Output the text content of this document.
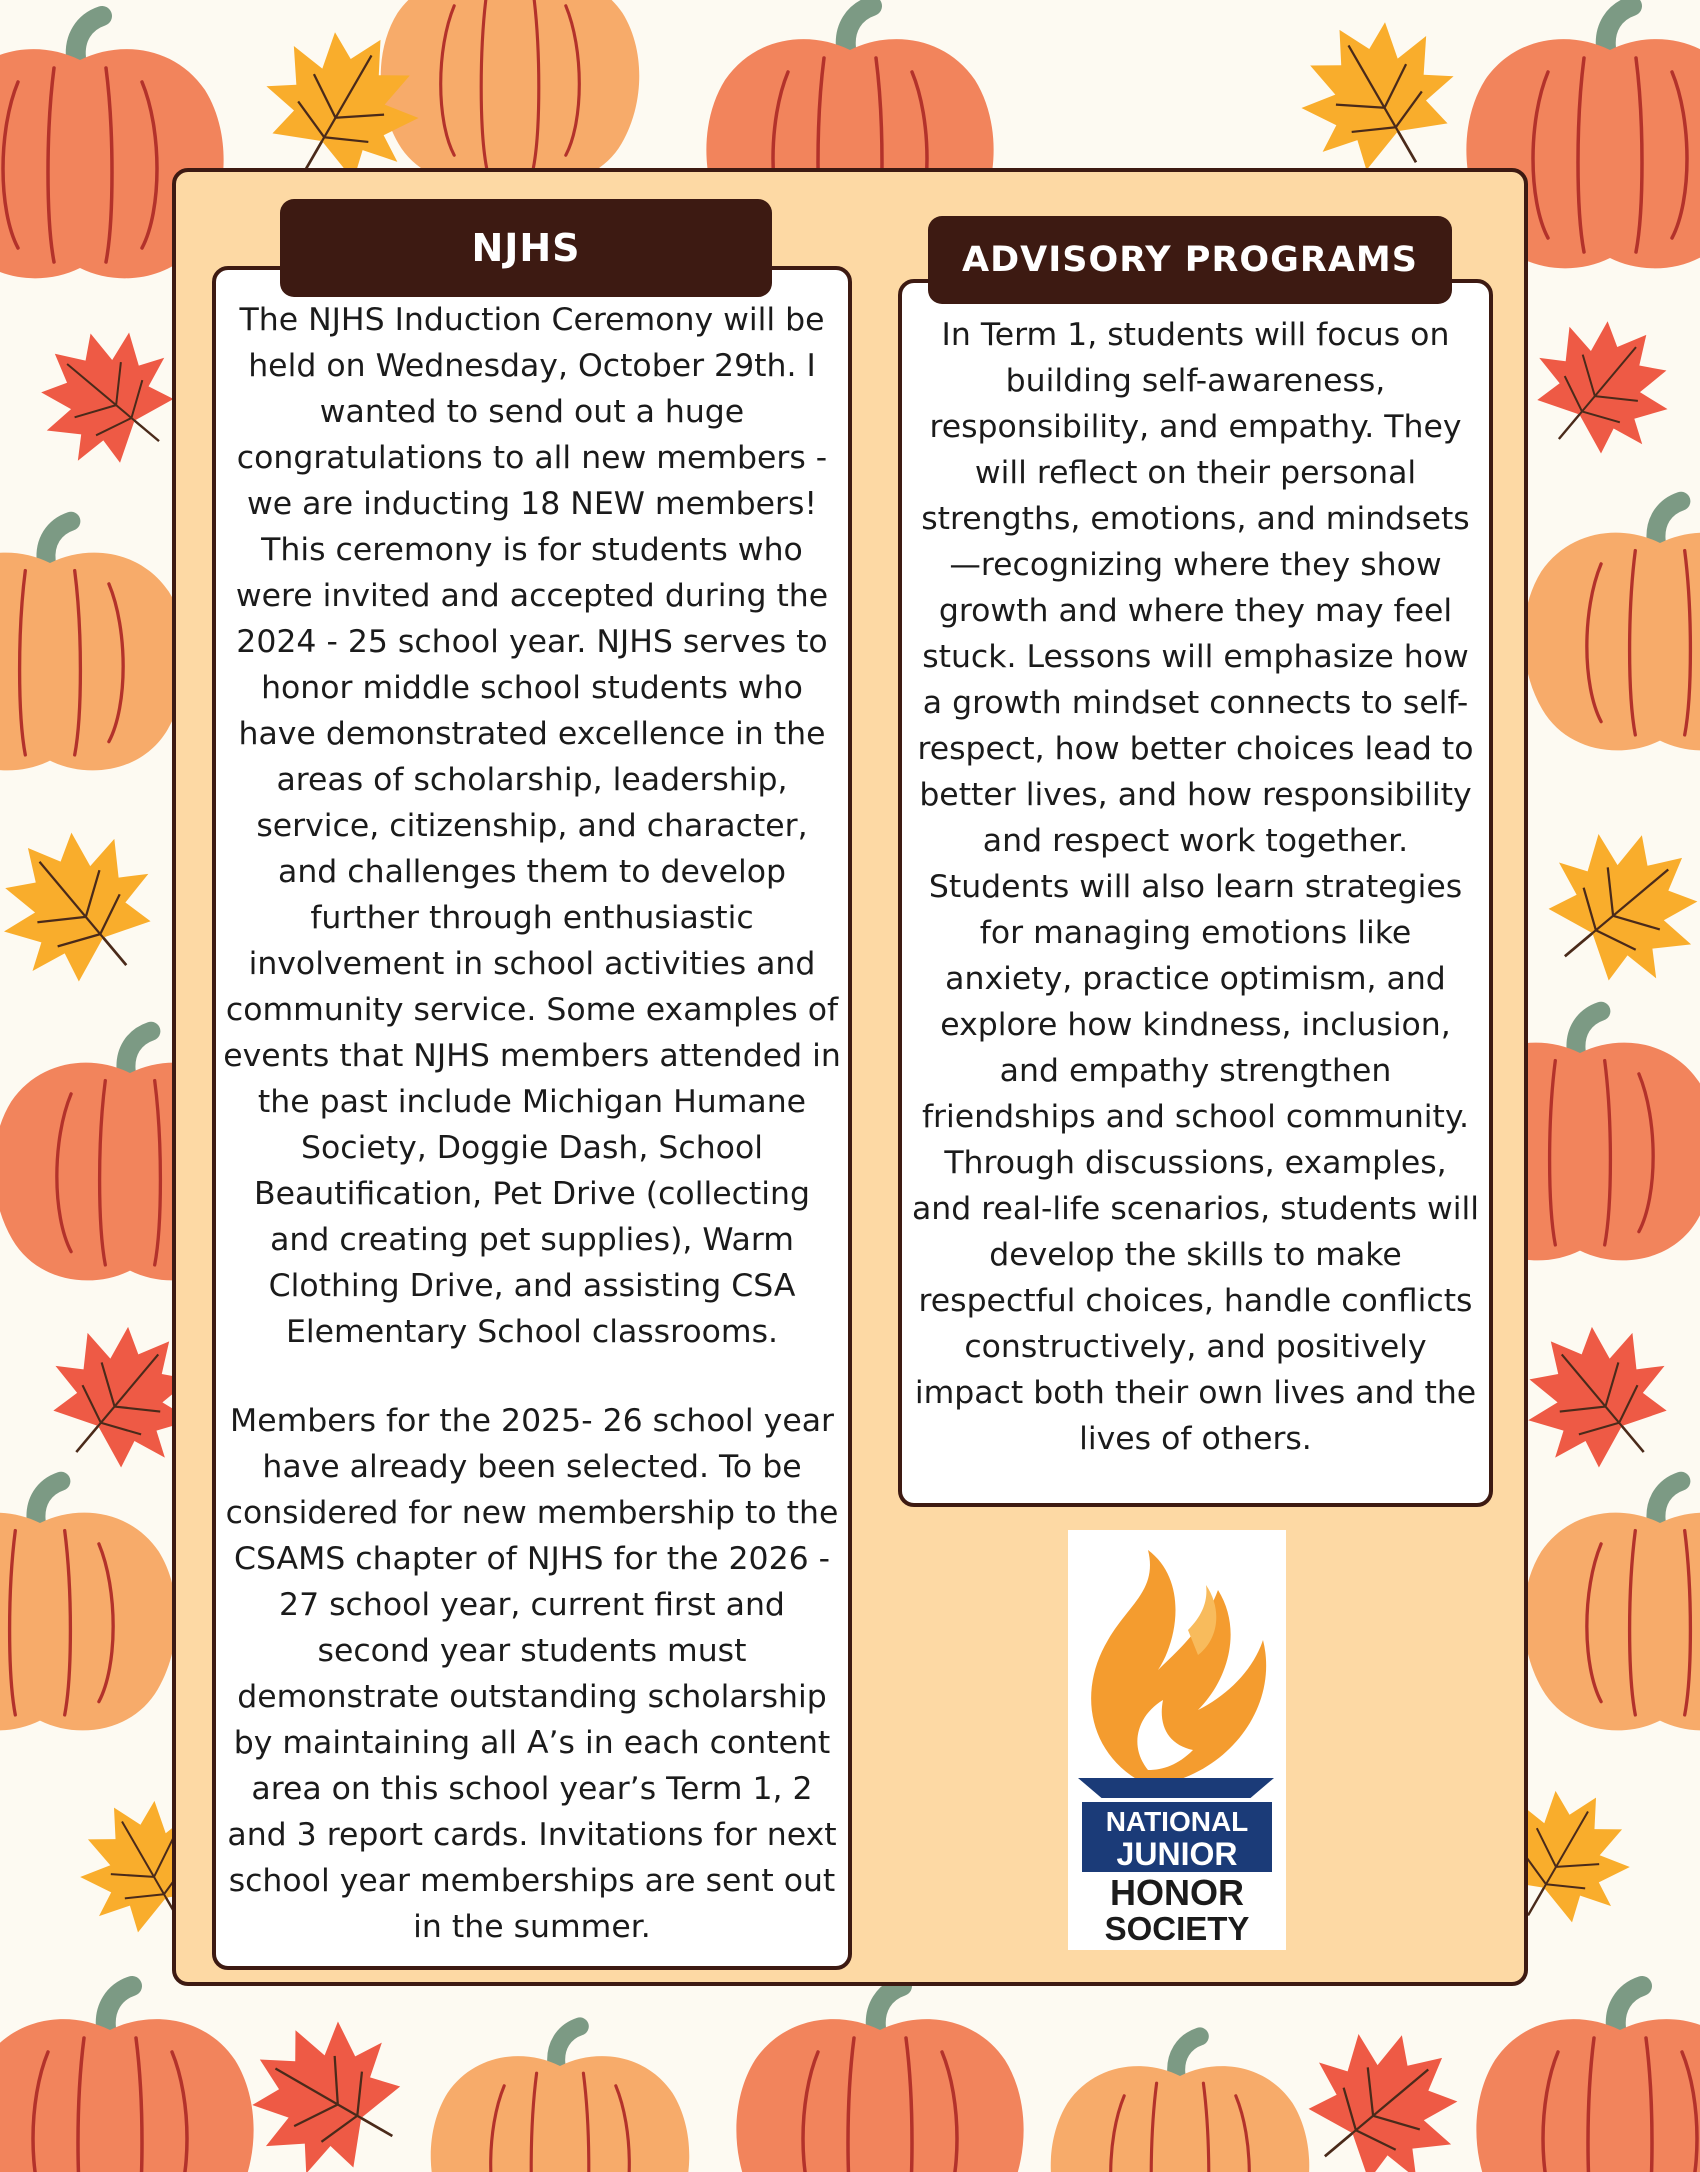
NJHS

The NJHS Induction Ceremony will be held on Wednesday, October 29th. I wanted to send out a huge congratulations to all new members - we are inducting 18 NEW members! This ceremony is for students who were invited and accepted during the 2024 - 25 school year. NJHS serves to honor middle school students who have demonstrated excellence in the areas of scholarship, leadership, service, citizenship, and character, and challenges them to develop further through enthusiastic involvement in school activities and community service. Some examples of events that NJHS members attended in the past include Michigan Humane Society, Doggie Dash, School Beautification, Pet Drive (collecting and creating pet supplies), Warm Clothing Drive, and assisting CSA Elementary School classrooms.

Members for the 2025- 26 school year have already been selected. To be considered for new membership to the CSAMS chapter of NJHS for the 2026 - 27 school year, current first and second year students must demonstrate outstanding scholarship by maintaining all A’s in each content area on this school year’s Term 1, 2 and 3 report cards. Invitations for next school year memberships are sent out in the summer.

ADVISORY PROGRAMS

In Term 1, students will focus on building self-awareness, responsibility, and empathy. They will reflect on their personal strengths, emotions, and mindsets —recognizing where they show growth and where they may feel stuck. Lessons will emphasize how a growth mindset connects to self-respect, how better choices lead to better lives, and how responsibility and respect work together. Students will also learn strategies for managing emotions like anxiety, practice optimism, and explore how kindness, inclusion, and empathy strengthen friendships and school community. Through discussions, examples, and real-life scenarios, students will develop the skills to make respectful choices, handle conflicts constructively, and positively impact both their own lives and the lives of others.

NATIONAL
JUNIOR
HONOR
SOCIETY
